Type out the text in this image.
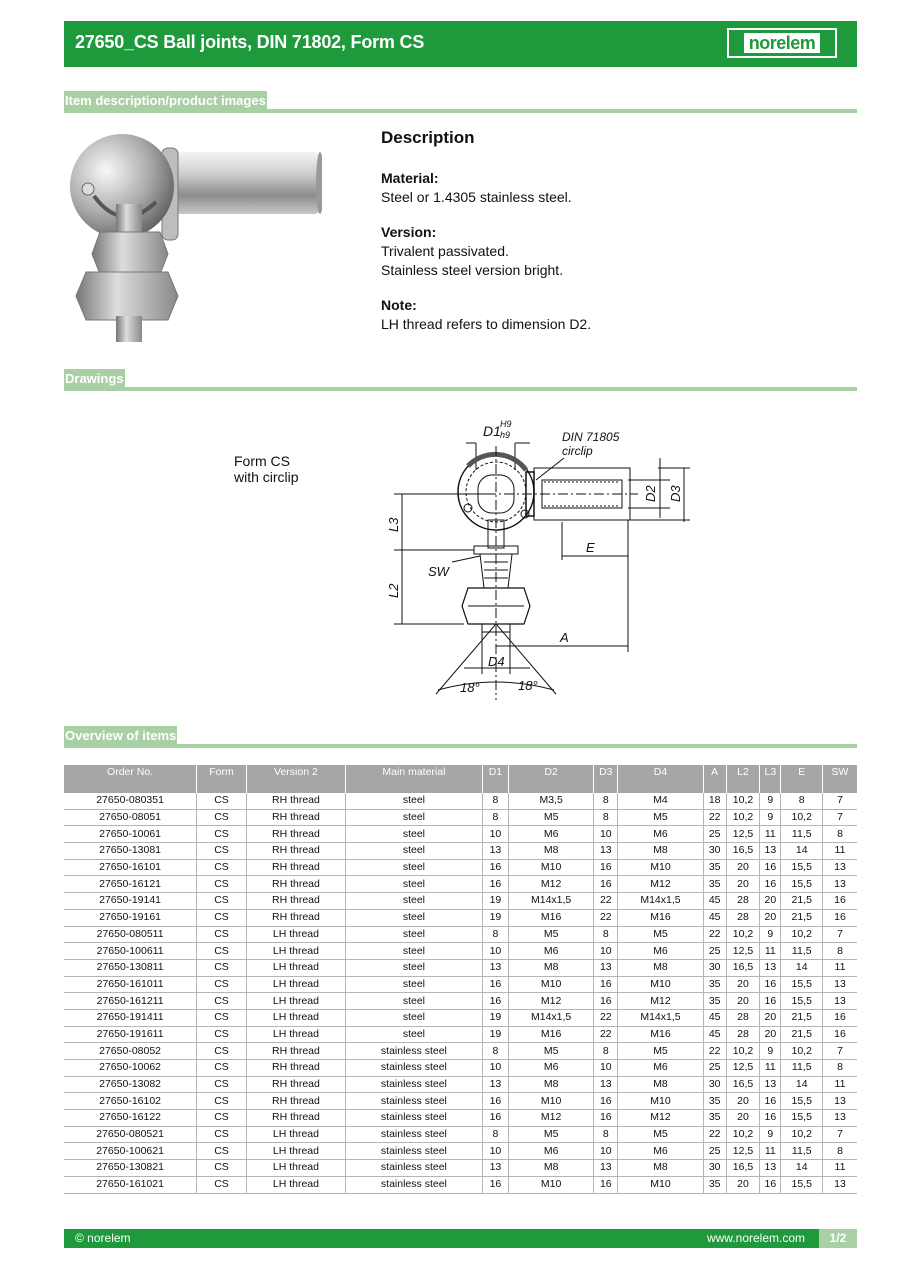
27650_CS Ball joints, DIN 71802, Form CS	norelem
Item description/product images
Description
Material:
Steel or 1.4305 stainless steel.
Version:
Trivalent passivated.
Stainless steel version bright.
Note:
LH thread refers to dimension D2.
Drawings
Form CS
with circlip
D1 H9
h9	DIN 71805
circlip
D2 D3
E
L3
L2
SW
A
D4
18°	18°
Overview of items
Order No.	Form	Version 2	Main material	D1	D2	D3	D4	A	L2	L3	E	SW
27650-080351	CS	RH thread	steel	8	M3,5	8	M4	18	10,2	9	8	7
27650-08051	CS	RH thread	steel	8	M5	8	M5	22	10,2	9	10,2	7
27650-10061	CS	RH thread	steel	10	M6	10	M6	25	12,5	11	11,5	8
27650-13081	CS	RH thread	steel	13	M8	13	M8	30	16,5	13	14	11
27650-16101	CS	RH thread	steel	16	M10	16	M10	35	20	16	15,5	13
27650-16121	CS	RH thread	steel	16	M12	16	M12	35	20	16	15,5	13
27650-19141	CS	RH thread	steel	19	M14x1,5	22	M14x1,5	45	28	20	21,5	16
27650-19161	CS	RH thread	steel	19	M16	22	M16	45	28	20	21,5	16
27650-080511	CS	LH thread	steel	8	M5	8	M5	22	10,2	9	10,2	7
27650-100611	CS	LH thread	steel	10	M6	10	M6	25	12,5	11	11,5	8
27650-130811	CS	LH thread	steel	13	M8	13	M8	30	16,5	13	14	11
27650-161011	CS	LH thread	steel	16	M10	16	M10	35	20	16	15,5	13
27650-161211	CS	LH thread	steel	16	M12	16	M12	35	20	16	15,5	13
27650-191411	CS	LH thread	steel	19	M14x1,5	22	M14x1,5	45	28	20	21,5	16
27650-191611	CS	LH thread	steel	19	M16	22	M16	45	28	20	21,5	16
27650-08052	CS	RH thread	stainless steel	8	M5	8	M5	22	10,2	9	10,2	7
27650-10062	CS	RH thread	stainless steel	10	M6	10	M6	25	12,5	11	11,5	8
27650-13082	CS	RH thread	stainless steel	13	M8	13	M8	30	16,5	13	14	11
27650-16102	CS	RH thread	stainless steel	16	M10	16	M10	35	20	16	15,5	13
27650-16122	CS	RH thread	stainless steel	16	M12	16	M12	35	20	16	15,5	13
27650-080521	CS	LH thread	stainless steel	8	M5	8	M5	22	10,2	9	10,2	7
27650-100621	CS	LH thread	stainless steel	10	M6	10	M6	25	12,5	11	11,5	8
27650-130821	CS	LH thread	stainless steel	13	M8	13	M8	30	16,5	13	14	11
27650-161021	CS	LH thread	stainless steel	16	M10	16	M10	35	20	16	15,5	13
© norelem	www.norelem.com	1/2
